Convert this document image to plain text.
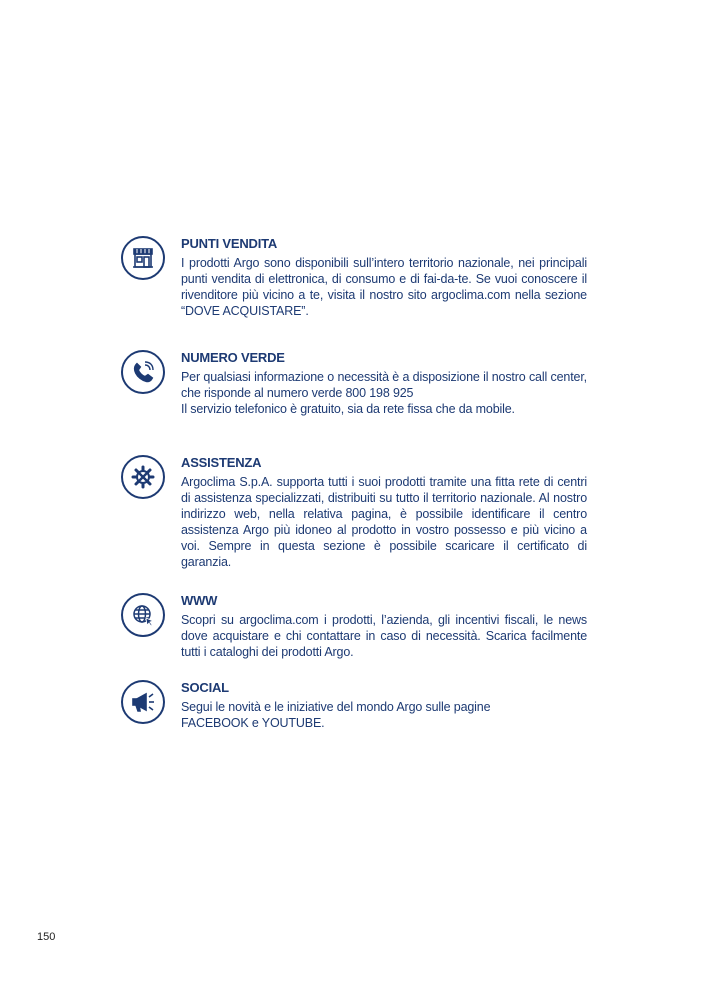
PUNTI VENDITA

I prodotti Argo sono disponibili sull’intero territorio nazionale, nei principali punti vendita di elettronica, di consumo e di fai-da-te. Se vuoi conoscere il rivenditore più vicino a te, visita il nostro sito argoclima.com nella sezione “DOVE ACQUISTARE”.

NUMERO VERDE

Per qualsiasi informazione o necessità è a disposizione il nostro call center, che risponde al numero verde 800 198 925
Il servizio telefonico è gratuito, sia da rete fissa che da mobile.

ASSISTENZA

Argoclima S.p.A. supporta tutti i suoi prodotti tramite una fitta rete di centri di assistenza specializzati, distribuiti su tutto il territorio nazionale. Al nostro indirizzo web, nella relativa pagina, è possibile identificare il centro assistenza Argo più idoneo al prodotto in vostro possesso e più vicino a voi. Sempre in questa sezione è possibile scaricare il certificato di garanzia.

WWW

Scopri su argoclima.com i prodotti, l’azienda, gli incentivi fiscali, le news dove acquistare e chi contattare in caso di necessità. Scarica facilmente tutti i cataloghi dei prodotti Argo.

SOCIAL

Segui le novità e le iniziative del mondo Argo sulle pagine
FACEBOOK e YOUTUBE.

150
